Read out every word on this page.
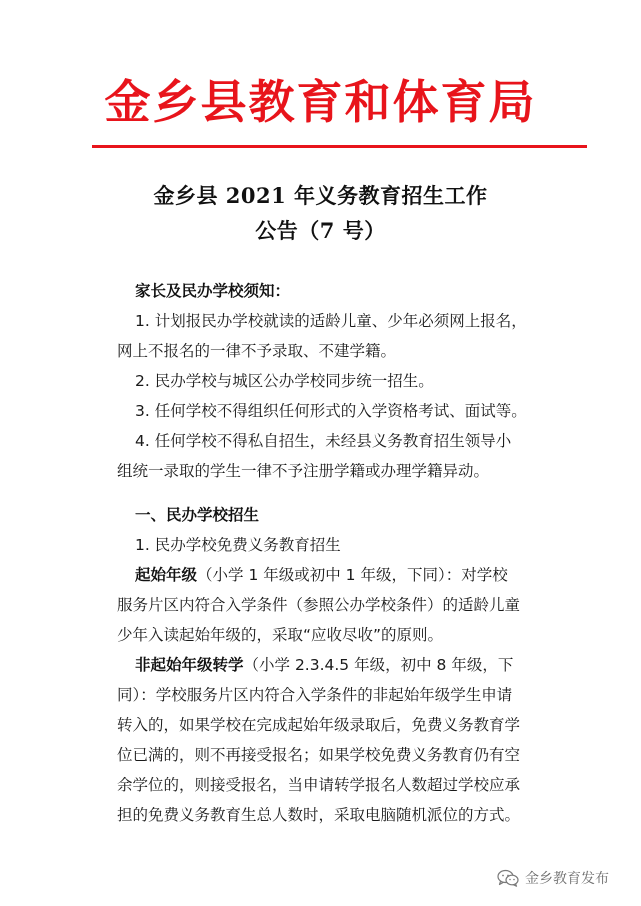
金乡县教育和体育局
金乡县 2021 年义务教育招生工作
公告（7 号）
家长及民办学校须知：
1. 计划报民办学校就读的适龄儿童、少年必须网上报名，
网上不报名的一律不予录取、不建学籍。
2. 民办学校与城区公办学校同步统一招生。
3. 任何学校不得组织任何形式的入学资格考试、面试等。
4. 任何学校不得私自招生，未经县义务教育招生领导小
组统一录取的学生一律不予注册学籍或办理学籍异动。
一、民办学校招生
1. 民办学校免费义务教育招生
起始年级（小学 1 年级或初中 1 年级，下同）：对学校
服务片区内符合入学条件（参照公办学校条件）的适龄儿童
少年入读起始年级的，采取“应收尽收”的原则。
非起始年级转学（小学 2.3.4.5 年级，初中 8 年级，下
同）：学校服务片区内符合入学条件的非起始年级学生申请
转入的，如果学校在完成起始年级录取后，免费义务教育学
位已满的，则不再接受报名；如果学校免费义务教育仍有空
余学位的，则接受报名，当申请转学报名人数超过学校应承
担的免费义务教育生总人数时，采取电脑随机派位的方式。
金乡教育发布
